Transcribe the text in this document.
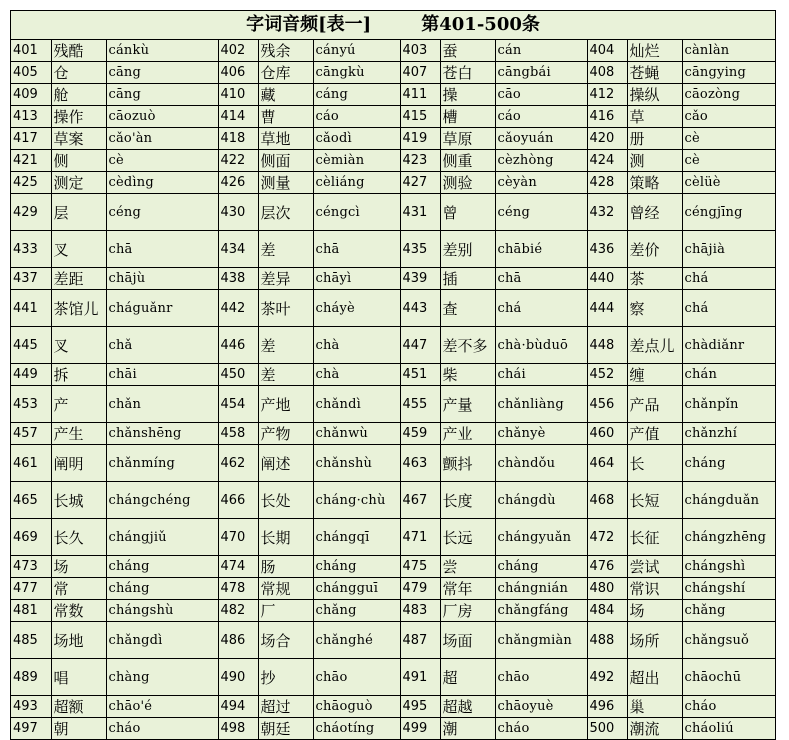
字词音频[表一]        第401-500条
401	残酷	cánkù	402	残余	cányú	403	蚕	cán	404	灿烂	cànlàn
405	仓	cāng	406	仓库	cāngkù	407	苍白	cāngbái	408	苍蝇	cāngying
409	舱	cāng	410	藏	cáng	411	操	cāo	412	操纵	cāozòng
413	操作	cāozuò	414	曹	cáo	415	槽	cáo	416	草	cǎo
417	草案	cǎo'àn	418	草地	cǎodì	419	草原	cǎoyuán	420	册	cè
421	侧	cè	422	侧面	cèmiàn	423	侧重	cèzhòng	424	测	cè
425	测定	cèdìng	426	测量	cèliáng	427	测验	cèyàn	428	策略	cèlüè
429	层	céng	430	层次	céngcì	431	曾	céng	432	曾经	céngjīng
433	叉	chā	434	差	chā	435	差别	chābié	436	差价	chājià
437	差距	chājù	438	差异	chāyì	439	插	chā	440	茶	chá
441	茶馆儿	cháguǎnr	442	茶叶	cháyè	443	查	chá	444	察	chá
445	叉	chǎ	446	差	chà	447	差不多	chà·bùduō	448	差点儿	chàdiǎnr
449	拆	chāi	450	差	chà	451	柴	chái	452	缠	chán
453	产	chǎn	454	产地	chǎndì	455	产量	chǎnliàng	456	产品	chǎnpǐn
457	产生	chǎnshēng	458	产物	chǎnwù	459	产业	chǎnyè	460	产值	chǎnzhí
461	阐明	chǎnmíng	462	阐述	chǎnshù	463	颤抖	chàndǒu	464	长	cháng
465	长城	chángchéng	466	长处	cháng·chù	467	长度	chángdù	468	长短	chángduǎn
469	长久	chángjiǔ	470	长期	chángqī	471	长远	chángyuǎn	472	长征	chángzhēng
473	场	cháng	474	肠	cháng	475	尝	cháng	476	尝试	chángshì
477	常	cháng	478	常规	chángguī	479	常年	chángnián	480	常识	chángshí
481	常数	chángshù	482	厂	chǎng	483	厂房	chǎngfáng	484	场	chǎng
485	场地	chǎngdì	486	场合	chǎnghé	487	场面	chǎngmiàn	488	场所	chǎngsuǒ
489	唱	chàng	490	抄	chāo	491	超	chāo	492	超出	chāochū
493	超额	chāo'é	494	超过	chāoguò	495	超越	chāoyuè	496	巢	cháo
497	朝	cháo	498	朝廷	cháotíng	499	潮	cháo	500	潮流	cháoliú
